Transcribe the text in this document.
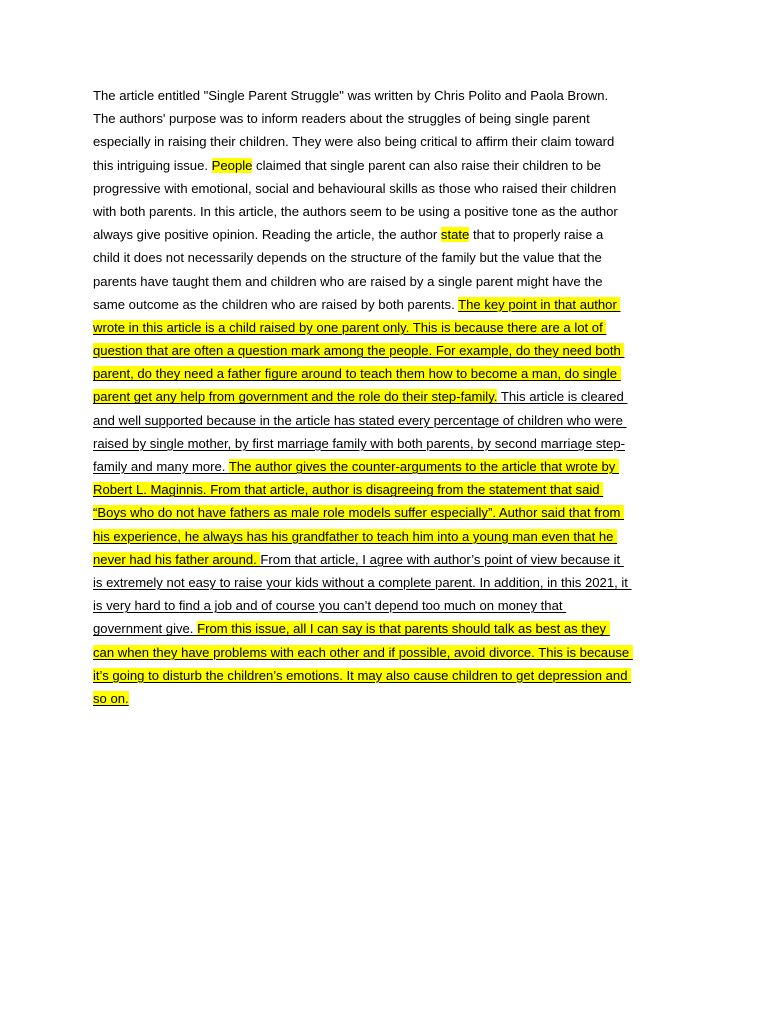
The article entitled "Single Parent Struggle" was written by Chris Polito and Paola Brown.

The authors' purpose was to inform readers about the struggles of being single parent

especially in raising their children. They were also being critical to affirm their claim toward

this intriguing issue. People claimed that single parent can also raise their children to be

progressive with emotional, social and behavioural skills as those who raised their children

with both parents. In this article, the authors seem to be using a positive tone as the author

always give positive opinion. Reading the article, the author state that to properly raise a

child it does not necessarily depends on the structure of the family but the value that the

parents have taught them and children who are raised by a single parent might have the

same outcome as the children who are raised by both parents. The key point in that author

wrote in this article is a child raised by one parent only. This is because there are a lot of

question that are often a question mark among the people. For example, do they need both

parent, do they need a father figure around to teach them how to become a man, do single

parent get any help from government and the role do their step-family. This article is cleared

and well supported because in the article has stated every percentage of children who were

raised by single mother, by first marriage family with both parents, by second marriage step-

family and many more. The author gives the counter-arguments to the article that wrote by

Robert L. Maginnis. From that article, author is disagreeing from the statement that said

“Boys who do not have fathers as male role models suffer especially”. Author said that from

his experience, he always has his grandfather to teach him into a young man even that he

never had his father around. From that article, I agree with author’s point of view because it

is extremely not easy to raise your kids without a complete parent. In addition, in this 2021, it

is very hard to find a job and of course you can’t depend too much on money that

government give. From this issue, all I can say is that parents should talk as best as they

can when they have problems with each other and if possible, avoid divorce. This is because

it’s going to disturb the children’s emotions. It may also cause children to get depression and

so on.
